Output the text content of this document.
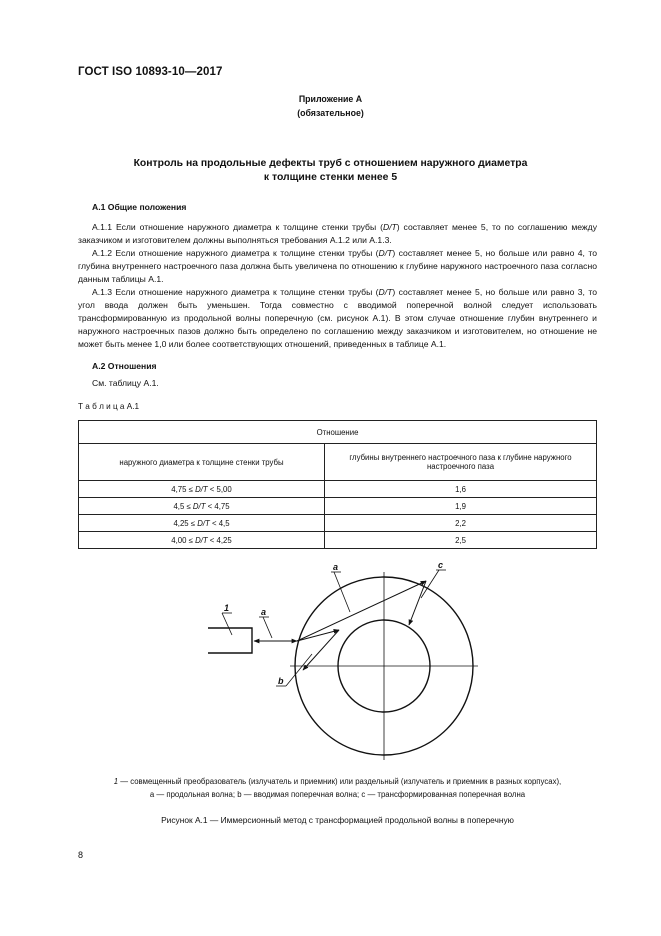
ГОСТ ISO 10893-10—2017
Приложение А
(обязательное)
Контроль на продольные дефекты труб с отношением наружного диаметра
к толщине стенки менее 5
А.1 Общие положения

А.1.1 Если отношение наружного диаметра к толщине стенки трубы (D/T) составляет менее 5, то по соглашению между заказчиком и изготовителем должны выполняться требования А.1.2 или А.1.3.

А.1.2 Если отношение наружного диаметра к толщине стенки трубы (D/T) составляет менее 5, но больше или равно 4, то глубина внутреннего настроечного паза должна быть увеличена по отношению к глубине наружного настроечного паза согласно данным таблицы А.1.

А.1.3 Если отношение наружного диаметра к толщине стенки трубы (D/T) составляет менее 5, но больше или равно 3, то угол ввода должен быть уменьшен. Тогда совместно с вводимой поперечной волной следует использовать трансформированную из продольной волны поперечную (см. рисунок А.1). В этом случае отношение глубин внутреннего и наружного настроечных пазов должно быть определено по соглашению между заказчиком и изготовителем, но отношение не может быть менее 1,0 или более соответствующих отношений, приведенных в таблице А.1.

А.2 Отношения
См. таблицу А.1.
Т а б л и ц а А.1
Отношение	
наружного диаметра к толщине стенки трубы	глубины внутреннего настроечного паза к глубине наружного настроечного паза
4,75 ≤ D/T < 5,00	1,6
4,5 ≤ D/T < 4,75	1,9
4,25 ≤ D/T < 4,5	2,2
4,00 ≤ D/T < 4,25	2,5
1	a
a	c
b
1 — совмещенный преобразователь (излучатель и приемник) или раздельный (излучатель и приемник в разных корпусах),
a — продольная волна; b — вводимая поперечная волна; c — трансформированная поперечная волна
Рисунок А.1 — Иммерсионный метод с трансформацией продольной волны в поперечную
8
